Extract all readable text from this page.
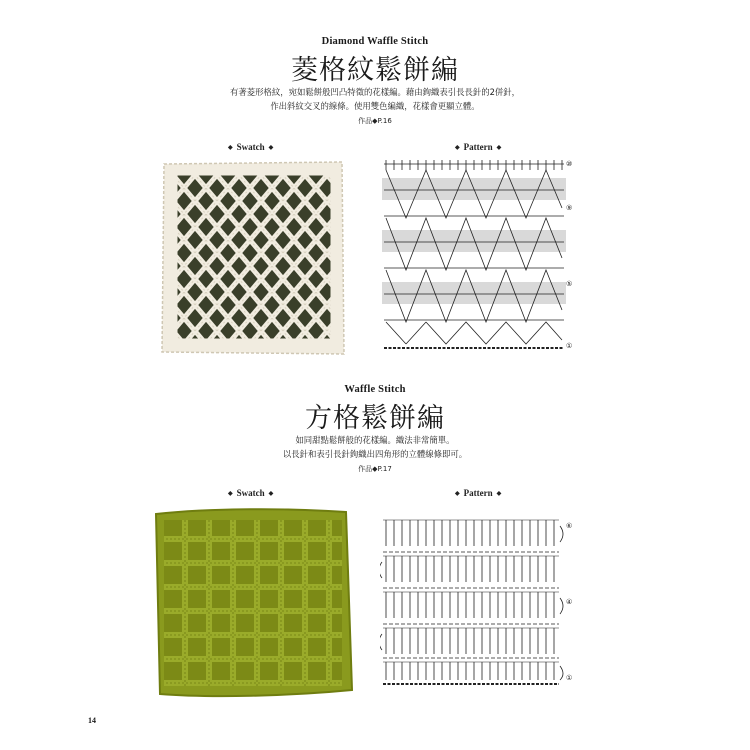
Diamond Waffle Stitch
菱格紋鬆餅編
有著菱形格紋，宛如鬆餅般凹凸特徵的花樣編。藉由鉤織表引長長針的2併針，
作出斜紋交叉的線條。使用雙色編織，花樣會更顯立體。
作品◆P.16
◆ Swatch ◆	◆ Pattern ◆
⑩
⑨
⑤
①
Waffle Stitch
方格鬆餅編
如同甜點鬆餅般的花樣編。織法非常簡單。
以長針和表引長針鉤織出四角形的立體線條即可。
作品◆P.17
◆ Swatch ◆	◆ Pattern ◆
⑥
④
①
14
